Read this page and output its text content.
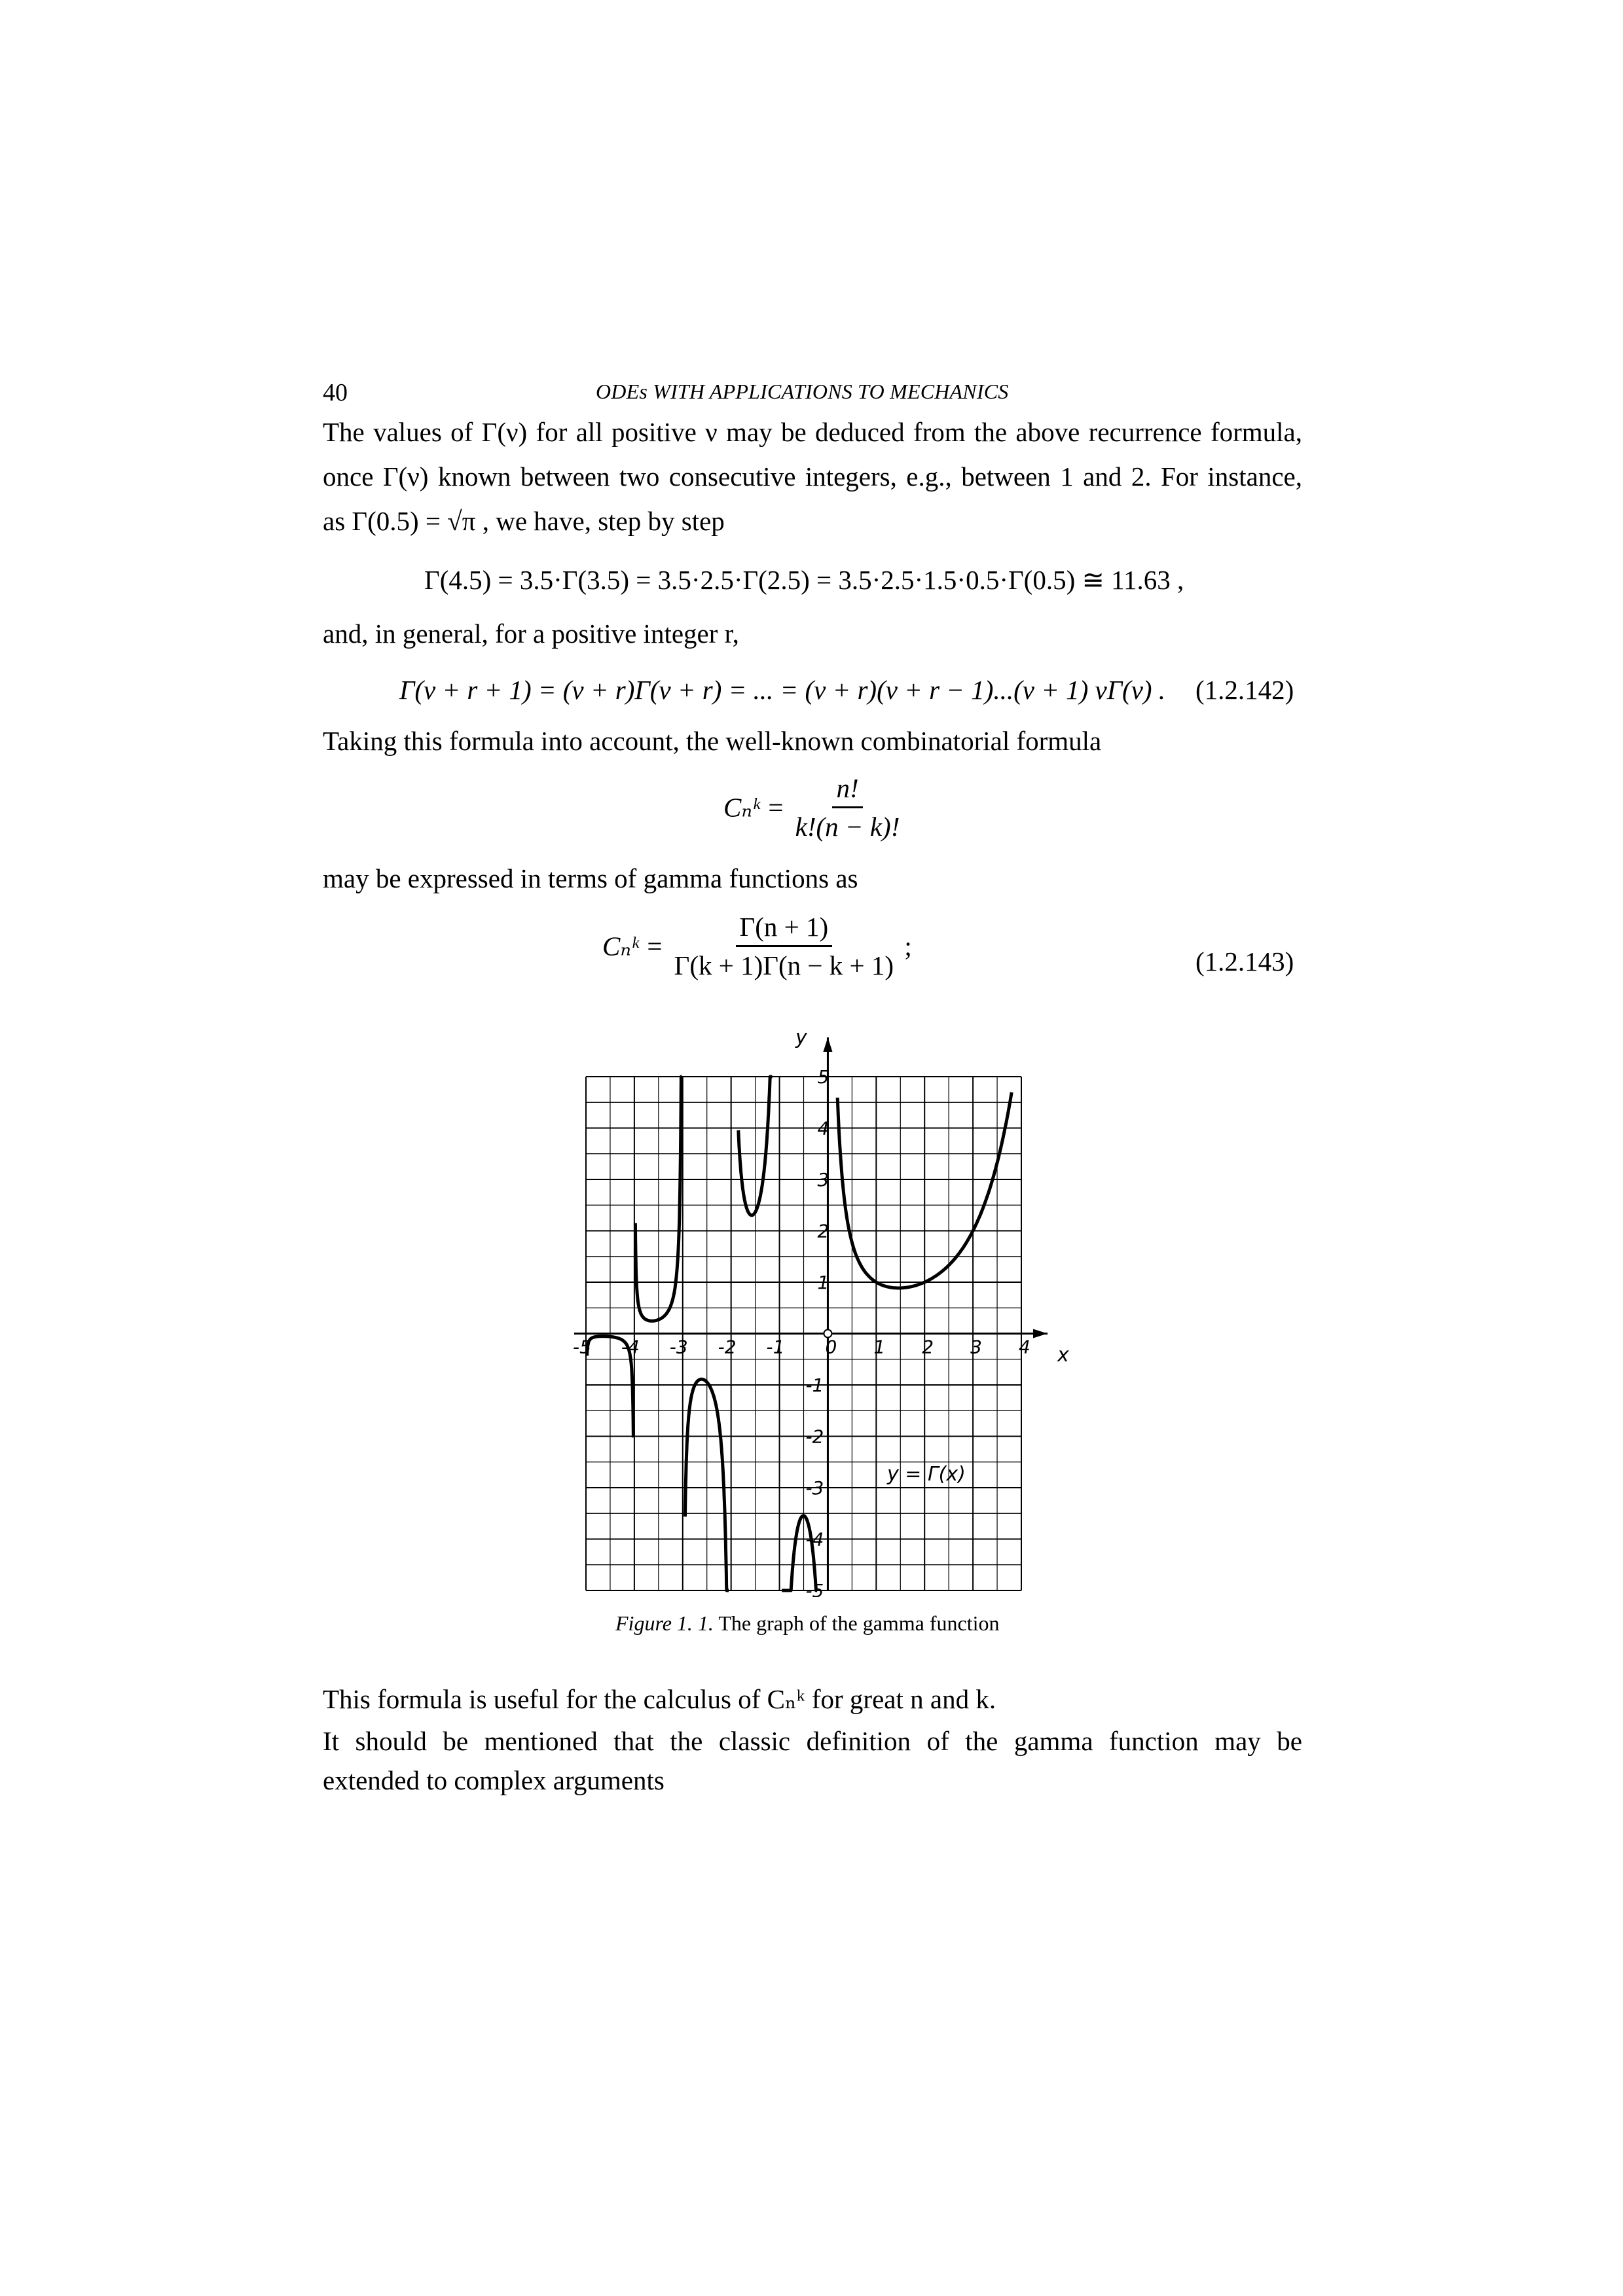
40	ODEs WITH APPLICATIONS TO MECHANICS
The values of Γ(ν) for all positive ν may be deduced from the above recurrence formula,
once Γ(ν) known between two consecutive integers, e.g., between 1 and 2. For instance,
as Γ(0.5) = √π , we have, step by step
Γ(4.5) = 3.5·Γ(3.5) = 3.5·2.5·Γ(2.5) = 3.5·2.5·1.5·0.5·Γ(0.5) ≅ 11.63 ,
and, in general, for a positive integer r,
Γ(ν + r + 1) = (ν + r)Γ(ν + r) = ... = (ν + r)(ν + r − 1)...(ν + 1) νΓ(ν) . (1.2.142)
Taking this formula into account, the well-known combinatorial formula
Cₙᵏ = $\frac{n!}{k!(n - k)!}$
may be expressed in terms of gamma functions as
Cₙᵏ = $\frac{\Gamma(n + 1)}{\Gamma(k + 1)\Gamma(n - k + 1)}$ ;
(1.2.143)
-5 -4 -3 -2 -1 0 1 2 3 4
5
4
3
2
1
-1
-2
-3
-4
-5
y = Γ(x)
x
y
Figure 1. 1. The graph of the gamma function
This formula is useful for the calculus of Cₙᵏ for great n and k.
It should be mentioned that the classic definition of the gamma function may be
extended to complex arguments
